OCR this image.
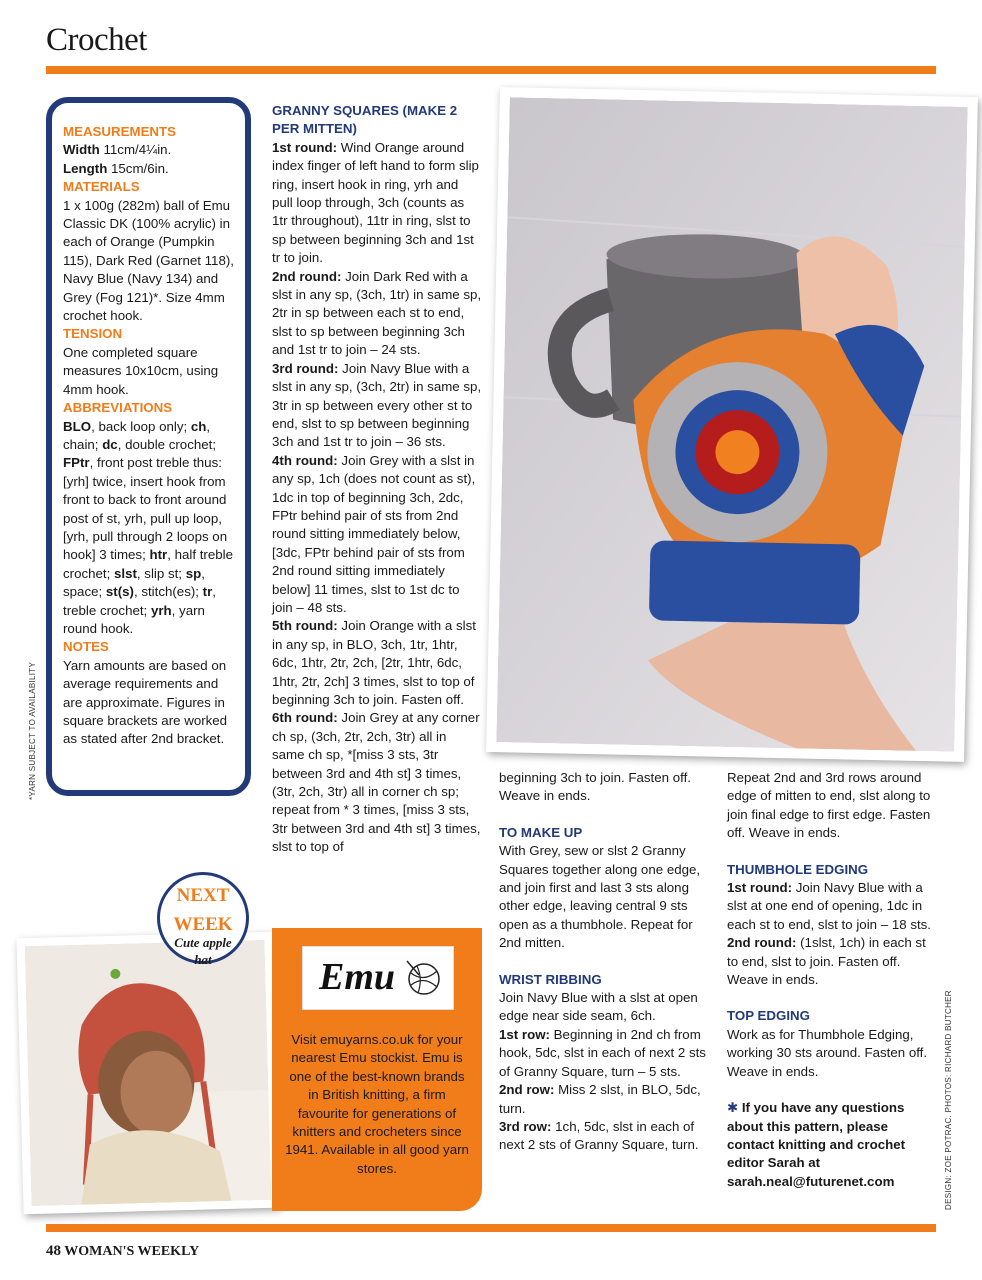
Crochet
MEASUREMENTS

Width 11cm/4¼in.

Length 15cm/6in.

MATERIALS

1 x 100g (282m) ball of Emu Classic DK (100% acrylic) in each of Orange (Pumpkin 115), Dark Red (Garnet 118), Navy Blue (Navy 134) and Grey (Fog 121)*. Size 4mm crochet hook.

TENSION

One completed square measures 10x10cm, using 4mm hook.

ABBREVIATIONS

BLO, back loop only; ch, chain; dc, double crochet; FPtr, front post treble thus: [yrh] twice, insert hook from front to back to front around post of st, yrh, pull up loop, [yrh, pull through 2 loops on hook] 3 times; htr, half treble crochet; slst, slip st; sp, space; st(s), stitch(es); tr, treble crochet; yrh, yarn round hook.

NOTES

Yarn amounts are based on average requirements and are approximate. Figures in square brackets are worked as stated after 2nd bracket.

*YARN SUBJECT TO AVAILABILITY
GRANNY SQUARES (MAKE 2 PER MITTEN)

1st round: Wind Orange around index finger of left hand to form slip ring, insert hook in ring, yrh and pull loop through, 3ch (counts as 1tr throughout), 11tr in ring, slst to sp between beginning 3ch and 1st tr to join.

2nd round: Join Dark Red with a slst in any sp, (3ch, 1tr) in same sp, 2tr in sp between each st to end, slst to sp between beginning 3ch and 1st tr to join – 24 sts.

3rd round: Join Navy Blue with a slst in any sp, (3ch, 2tr) in same sp, 3tr in sp between every other st to end, slst to sp between beginning 3ch and 1st tr to join – 36 sts.

4th round: Join Grey with a slst in any sp, 1ch (does not count as st), 1dc in top of beginning 3ch, 2dc, FPtr behind pair of sts from 2nd round sitting immediately below, [3dc, FPtr behind pair of sts from 2nd round sitting immediately below] 11 times, slst to 1st dc to join – 48 sts.

5th round: Join Orange with a slst in any sp, in BLO, 3ch, 1tr, 1htr, 6dc, 1htr, 2tr, 2ch, [2tr, 1htr, 6dc, 1htr, 2tr, 2ch] 3 times, slst to top of beginning 3ch to join. Fasten off.

6th round: Join Grey at any corner ch sp, (3ch, 2tr, 2ch, 3tr) all in same ch sp, *[miss 3 sts, 3tr between 3rd and 4th st] 3 times, (3tr, 2ch, 3tr) all in corner ch sp; repeat from * 3 times, [miss 3 sts, 3tr between 3rd and 4th st] 3 times, slst to top of

beginning 3ch to join. Fasten off. Weave in ends.

TO MAKE UP

With Grey, sew or slst 2 Granny Squares together along one edge, and join first and last 3 sts along other edge, leaving central 9 sts open as a thumbhole. Repeat for 2nd mitten.

WRIST RIBBING

Join Navy Blue with a slst at open edge near side seam, 6ch.

1st row: Beginning in 2nd ch from hook, 5dc, slst in each of next 2 sts of Granny Square, turn – 5 sts.

2nd row: Miss 2 slst, in BLO, 5dc, turn.

3rd row: 1ch, 5dc, slst in each of next 2 sts of Granny Square, turn.

Repeat 2nd and 3rd rows around edge of mitten to end, slst along to join final edge to first edge. Fasten off. Weave in ends.

THUMBHOLE EDGING

1st round: Join Navy Blue with a slst at one end of opening, 1dc in each st to end, slst to join – 18 sts.

2nd round: (1slst, 1ch) in each st to end, slst to join. Fasten off. Weave in ends.

TOP EDGING

Work as for Thumbhole Edging, working 30 sts around. Fasten off. Weave in ends.

✱ If you have any questions about this pattern, please contact knitting and crochet editor Sarah at sarah.neal@futurenet.com	DESIGN: ZOE POTRAC. PHOTOS: RICHARD BUTCHER
NEXT
WEEK
Cute apple
hat	Emu
Visit emuyarns.co.uk for your nearest Emu stockist. Emu is one of the best-known brands in British knitting, a firm favourite for generations of knitters and crocheters since 1941. Available in all good yarn stores.
48 WOMAN'S WEEKLY
